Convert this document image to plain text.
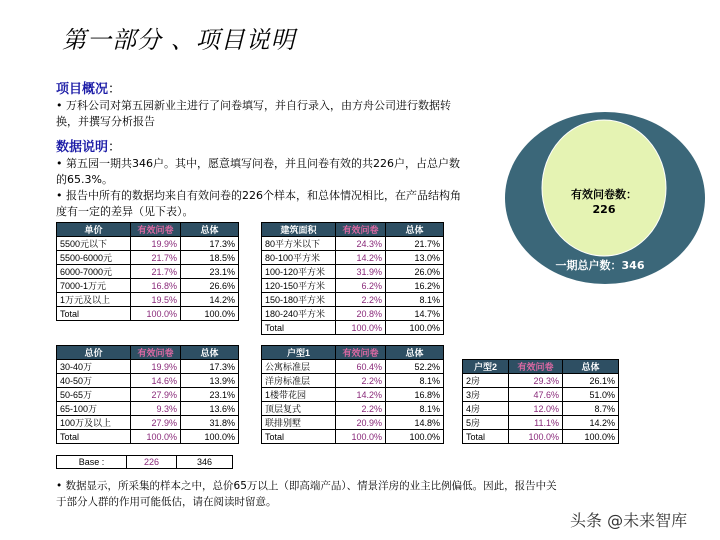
第一部分 、项目说明
项目概况：
• 万科公司对第五园新业主进行了问卷填写，并自行录入，由方舟公司进行数据转
换，并撰写分析报告
数据说明：
• 第五园一期共346户。其中，愿意填写问卷，并且问卷有效的共226户，占总户数
的65.3%。
• 报告中所有的数据均来自有效问卷的226个样本，和总体情况相比，在产品结构角
度有一定的差异（见下表）。
单价	有效问卷	总体
5500元以下	19.9%	17.3%
5500-6000元	21.7%	18.5%
6000-7000元	21.7%	23.1%
7000-1万元	16.8%	26.6%
1万元及以上	19.5%	14.2%
Total	100.0%	100.0%
建筑面积	有效问卷	总体
80平方米以下	24.3%	21.7%
80-100平方米	14.2%	13.0%
100-120平方米	31.9%	26.0%
120-150平方米	6.2%	16.2%
150-180平方米	2.2%	8.1%
180-240平方米	20.8%	14.7%
Total	100.0%	100.0%
总价	有效问卷	总体
30-40万	19.9%	17.3%
40-50万	14.6%	13.9%
50-65万	27.9%	23.1%
65-100万	9.3%	13.6%
100万及以上	27.9%	31.8%
Total	100.0%	100.0%
户型1	有效问卷	总体
公寓标准层	60.4%	52.2%
洋房标准层	2.2%	8.1%
1楼带花园	14.2%	16.8%
顶层复式	2.2%	8.1%
联排别墅	20.9%	14.8%
Total	100.0%	100.0%
户型2	有效问卷	总体
2房	29.3%	26.1%
3房	47.6%	51.0%
4房	12.0%	8.7%
5房	11.1%	14.2%
Total	100.0%	100.0%
Base :	226	346
有效问卷数：
226
一期总户数：346
• 数据显示，所采集的样本之中，总价65万以上（即高端产品）、情景洋房的业主比例偏低。因此，报告中关
于部分人群的作用可能低估，请在阅读时留意。
头条 @未来智库
